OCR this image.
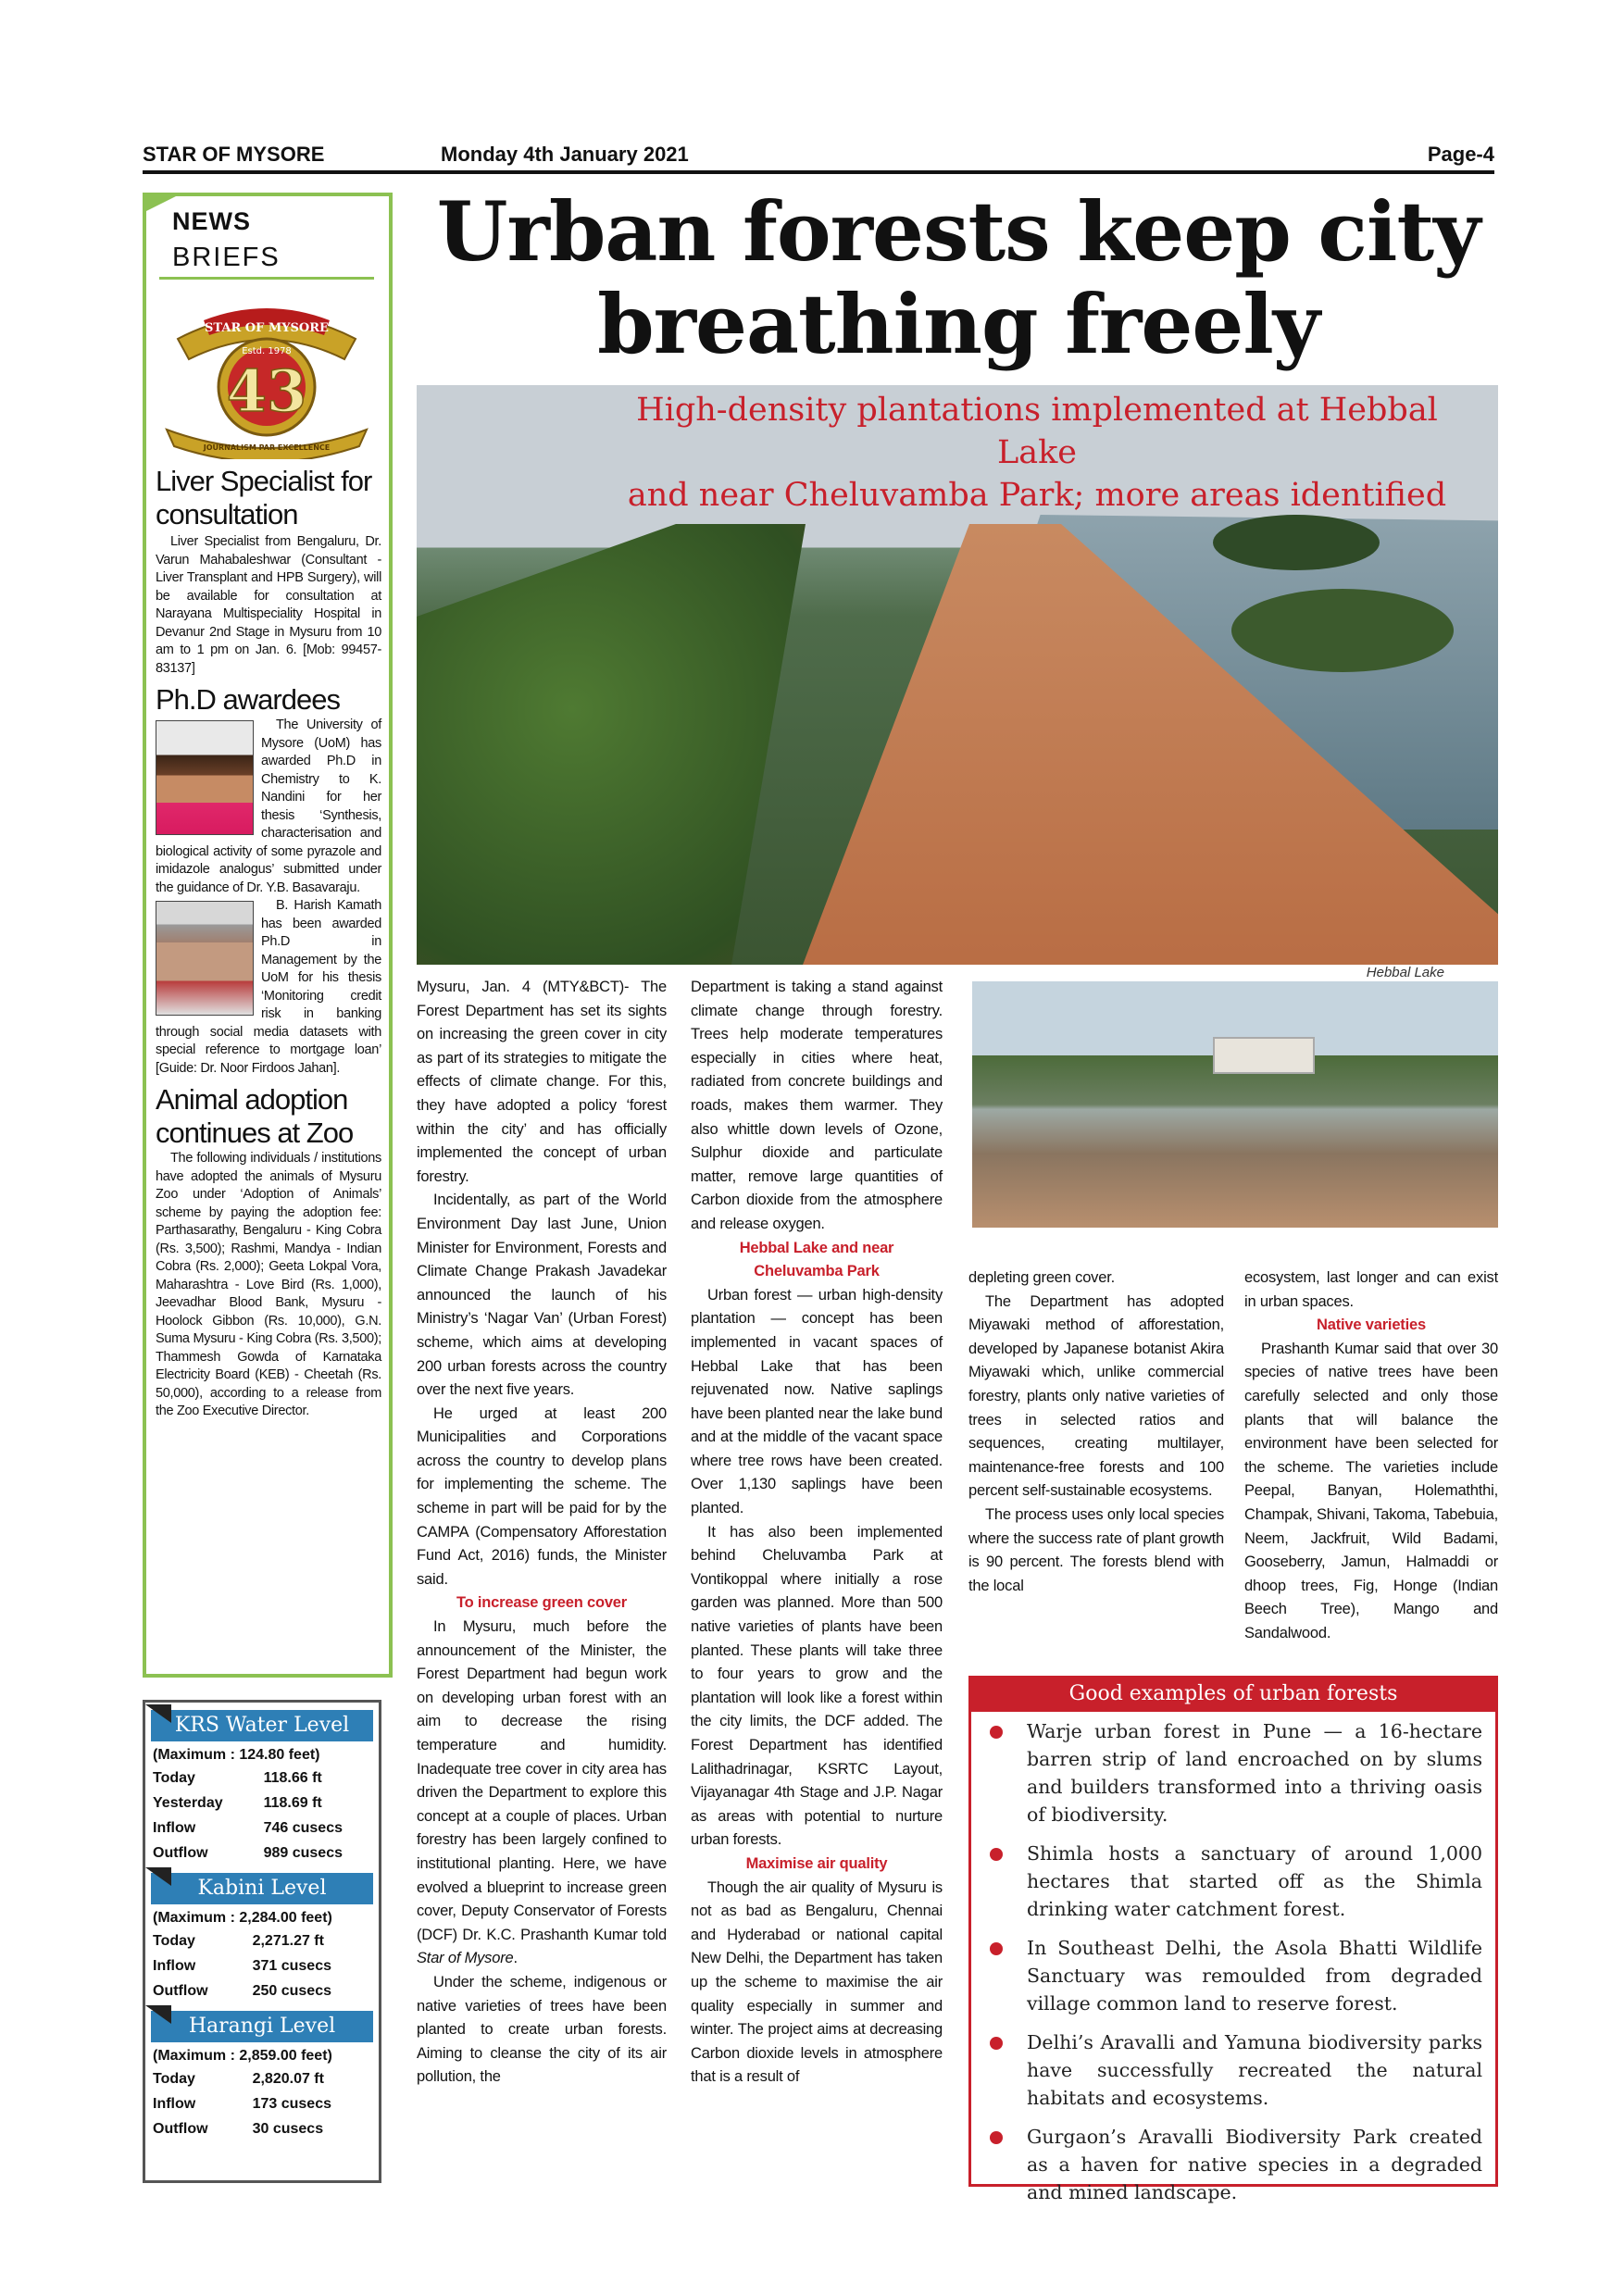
STAR OF MYSORE	Monday 4th January 2021	Page-4
Urban forests keep city
breathing freely
NEWS
BRIEFS
STAR OF MYSORE
Estd. 1978
43
JOURNALISM PAR EXCELLENCE
Liver Specialist for consultation

Liver Specialist from Bengaluru, Dr. Varun Mahabaleshwar (Consultant - Liver Transplant and HPB Surgery), will be available for consultation at Narayana Multispeciality Hospital in Devanur 2nd Stage in Mysuru from 10 am to 1 pm on Jan. 6. [Mob: 99457-83137]

Ph.D awardees

The University of Mysore (UoM) has awarded Ph.D in Chemistry to K. Nandini for her thesis ‘Synthesis, characterisation and biological activity of some pyrazole and imidazole analogus’ submitted under the guidance of Dr. Y.B. Basavaraju.

B. Harish Kamath has been awarded Ph.D in Management by the UoM for his thesis ‘Monitoring credit risk in banking through social media datasets with special reference to mortgage loan’ [Guide: Dr. Noor Firdoos Jahan].

Animal adoption continues at Zoo

The following individuals / institutions have adopted the animals of Mysuru Zoo under ‘Adoption of Animals’ scheme by paying the adoption fee: Parthasarathy, Bengaluru - King Cobra (Rs. 3,500); Rashmi, Mandya - Indian Cobra (Rs. 2,000); Geeta Lokpal Vora, Maharashtra - Love Bird (Rs. 1,000), Jeevadhar Blood Bank, Mysuru - Hoolock Gibbon (Rs. 10,000), G.N. Suma Mysuru - King Cobra (Rs. 3,500); Thammesh Gowda of Karnataka Electricity Board (KEB) - Cheetah (Rs. 50,000), according to a release from the Zoo Executive Director.

KRS Water Level
(Maximum : 124.80 feet)
Today	118.66 ft
Yesterday	118.69 ft
Inflow	746 cusecs
Outflow	989 cusecs
Kabini Level
(Maximum : 2,284.00 feet)
Today	2,271.27 ft
Inflow	371 cusecs
Outflow	250 cusecs
Harangi Level
(Maximum : 2,859.00 feet)
Today	2,820.07 ft
Inflow	173 cusecs
Outflow	30 cusecs
High-density plantations implemented at Hebbal Lake
and near Cheluvamba Park; more areas identified
Hebbal Lake

Mysuru, Jan. 4 (MTY&BCT)- The Forest Department has set its sights on increasing the green cover in city as part of its strategies to mitigate the effects of climate change. For this, they have adopted a policy ‘forest within the city’ and has officially implemented the concept of urban forestry.

Incidentally, as part of the World Environment Day last June, Union Minister for Environment, Forests and Climate Change Prakash Javadekar announced the launch of his Ministry’s ‘Nagar Van’ (Urban Forest) scheme, which aims at developing 200 urban forests across the country over the next five years.

He urged at least 200 Municipalities and Corporations across the country to develop plans for implementing the scheme. The scheme in part will be paid for by the CAMPA (Compensatory Afforestation Fund Act, 2016) funds, the Minister said.

To increase green cover

In Mysuru, much before the announcement of the Minister, the Forest Department had begun work on developing urban forest with an aim to decrease the rising temperature and humidity. Inadequate tree cover in city area has driven the Department to explore this concept at a couple of places. Urban forestry has been largely confined to institutional planting. Here, we have evolved a blueprint to increase green cover, Deputy Conservator of Forests (DCF) Dr. K.C. Prashanth Kumar told Star of Mysore.

Under the scheme, indigenous or native varieties of trees have been planted to create urban forests. Aiming to cleanse the city of its air pollution, the

Department is taking a stand against climate change through forestry. Trees help moderate temperatures especially in cities where heat, radiated from concrete buildings and roads, makes them warmer. They also whittle down levels of Ozone, Sulphur dioxide and particulate matter, remove large quantities of Carbon dioxide from the atmosphere and release oxygen.

Hebbal Lake and near Cheluvamba Park

Urban forest — urban high-density plantation — concept has been implemented in vacant spaces of Hebbal Lake that has been rejuvenated now. Native saplings have been planted near the lake bund and at the middle of the vacant space where tree rows have been created. Over 1,130 saplings have been planted.

It has also been implemented behind Cheluvamba Park at Vontikoppal where initially a rose garden was planned. More than 500 native varieties of plants have been planted. These plants will take three to four years to grow and the plantation will look like a forest within the city limits, the DCF added. The Forest Department has identified Lalithadrinagar, KSRTC Layout, Vijayanagar 4th Stage and J.P. Nagar as areas with potential to nurture urban forests.

Maximise air quality

Though the air quality of Mysuru is not as bad as Bengaluru, Chennai and Hyderabad or national capital New Delhi, the Department has taken up the scheme to maximise the air quality especially in summer and winter. The project aims at decreasing Carbon dioxide levels in atmosphere that is a result of

depleting green cover.

The Department has adopted Miyawaki method of afforestation, developed by Japanese botanist Akira Miyawaki which, unlike commercial forestry, plants only native varieties of trees in selected ratios and sequences, creating multilayer, maintenance-free forests and 100 percent self-sustainable ecosystems.

The process uses only local species where the success rate of plant growth is 90 percent. The forests blend with the local

ecosystem, last longer and can exist in urban spaces.

Native varieties

Prashanth Kumar said that over 30 species of native trees have been carefully selected and only those plants that will balance the environment have been selected for the scheme. The varieties include Peepal, Banyan, Holemaththi, Champak, Shivani, Takoma, Tabebuia, Neem, Jackfruit, Wild Badami, Gooseberry, Jamun, Halmaddi or dhoop trees, Fig, Honge (Indian Beech Tree), Mango and Sandalwood.

Good examples of urban forests
Warje urban forest in Pune — a 16-hectare barren strip of land encroached on by slums and builders transformed into a thriving oasis of biodiversity.
Shimla hosts a sanctuary of around 1,000 hectares that started off as the Shimla drinking water catchment forest.
In Southeast Delhi, the Asola Bhatti Wildlife Sanctuary was remoulded from degraded village common land to reserve forest.
Delhi’s Aravalli and Yamuna biodiversity parks have successfully recreated the natural habitats and ecosystems.
Gurgaon’s Aravalli Biodiversity Park created as a haven for native species in a degraded and mined landscape.
